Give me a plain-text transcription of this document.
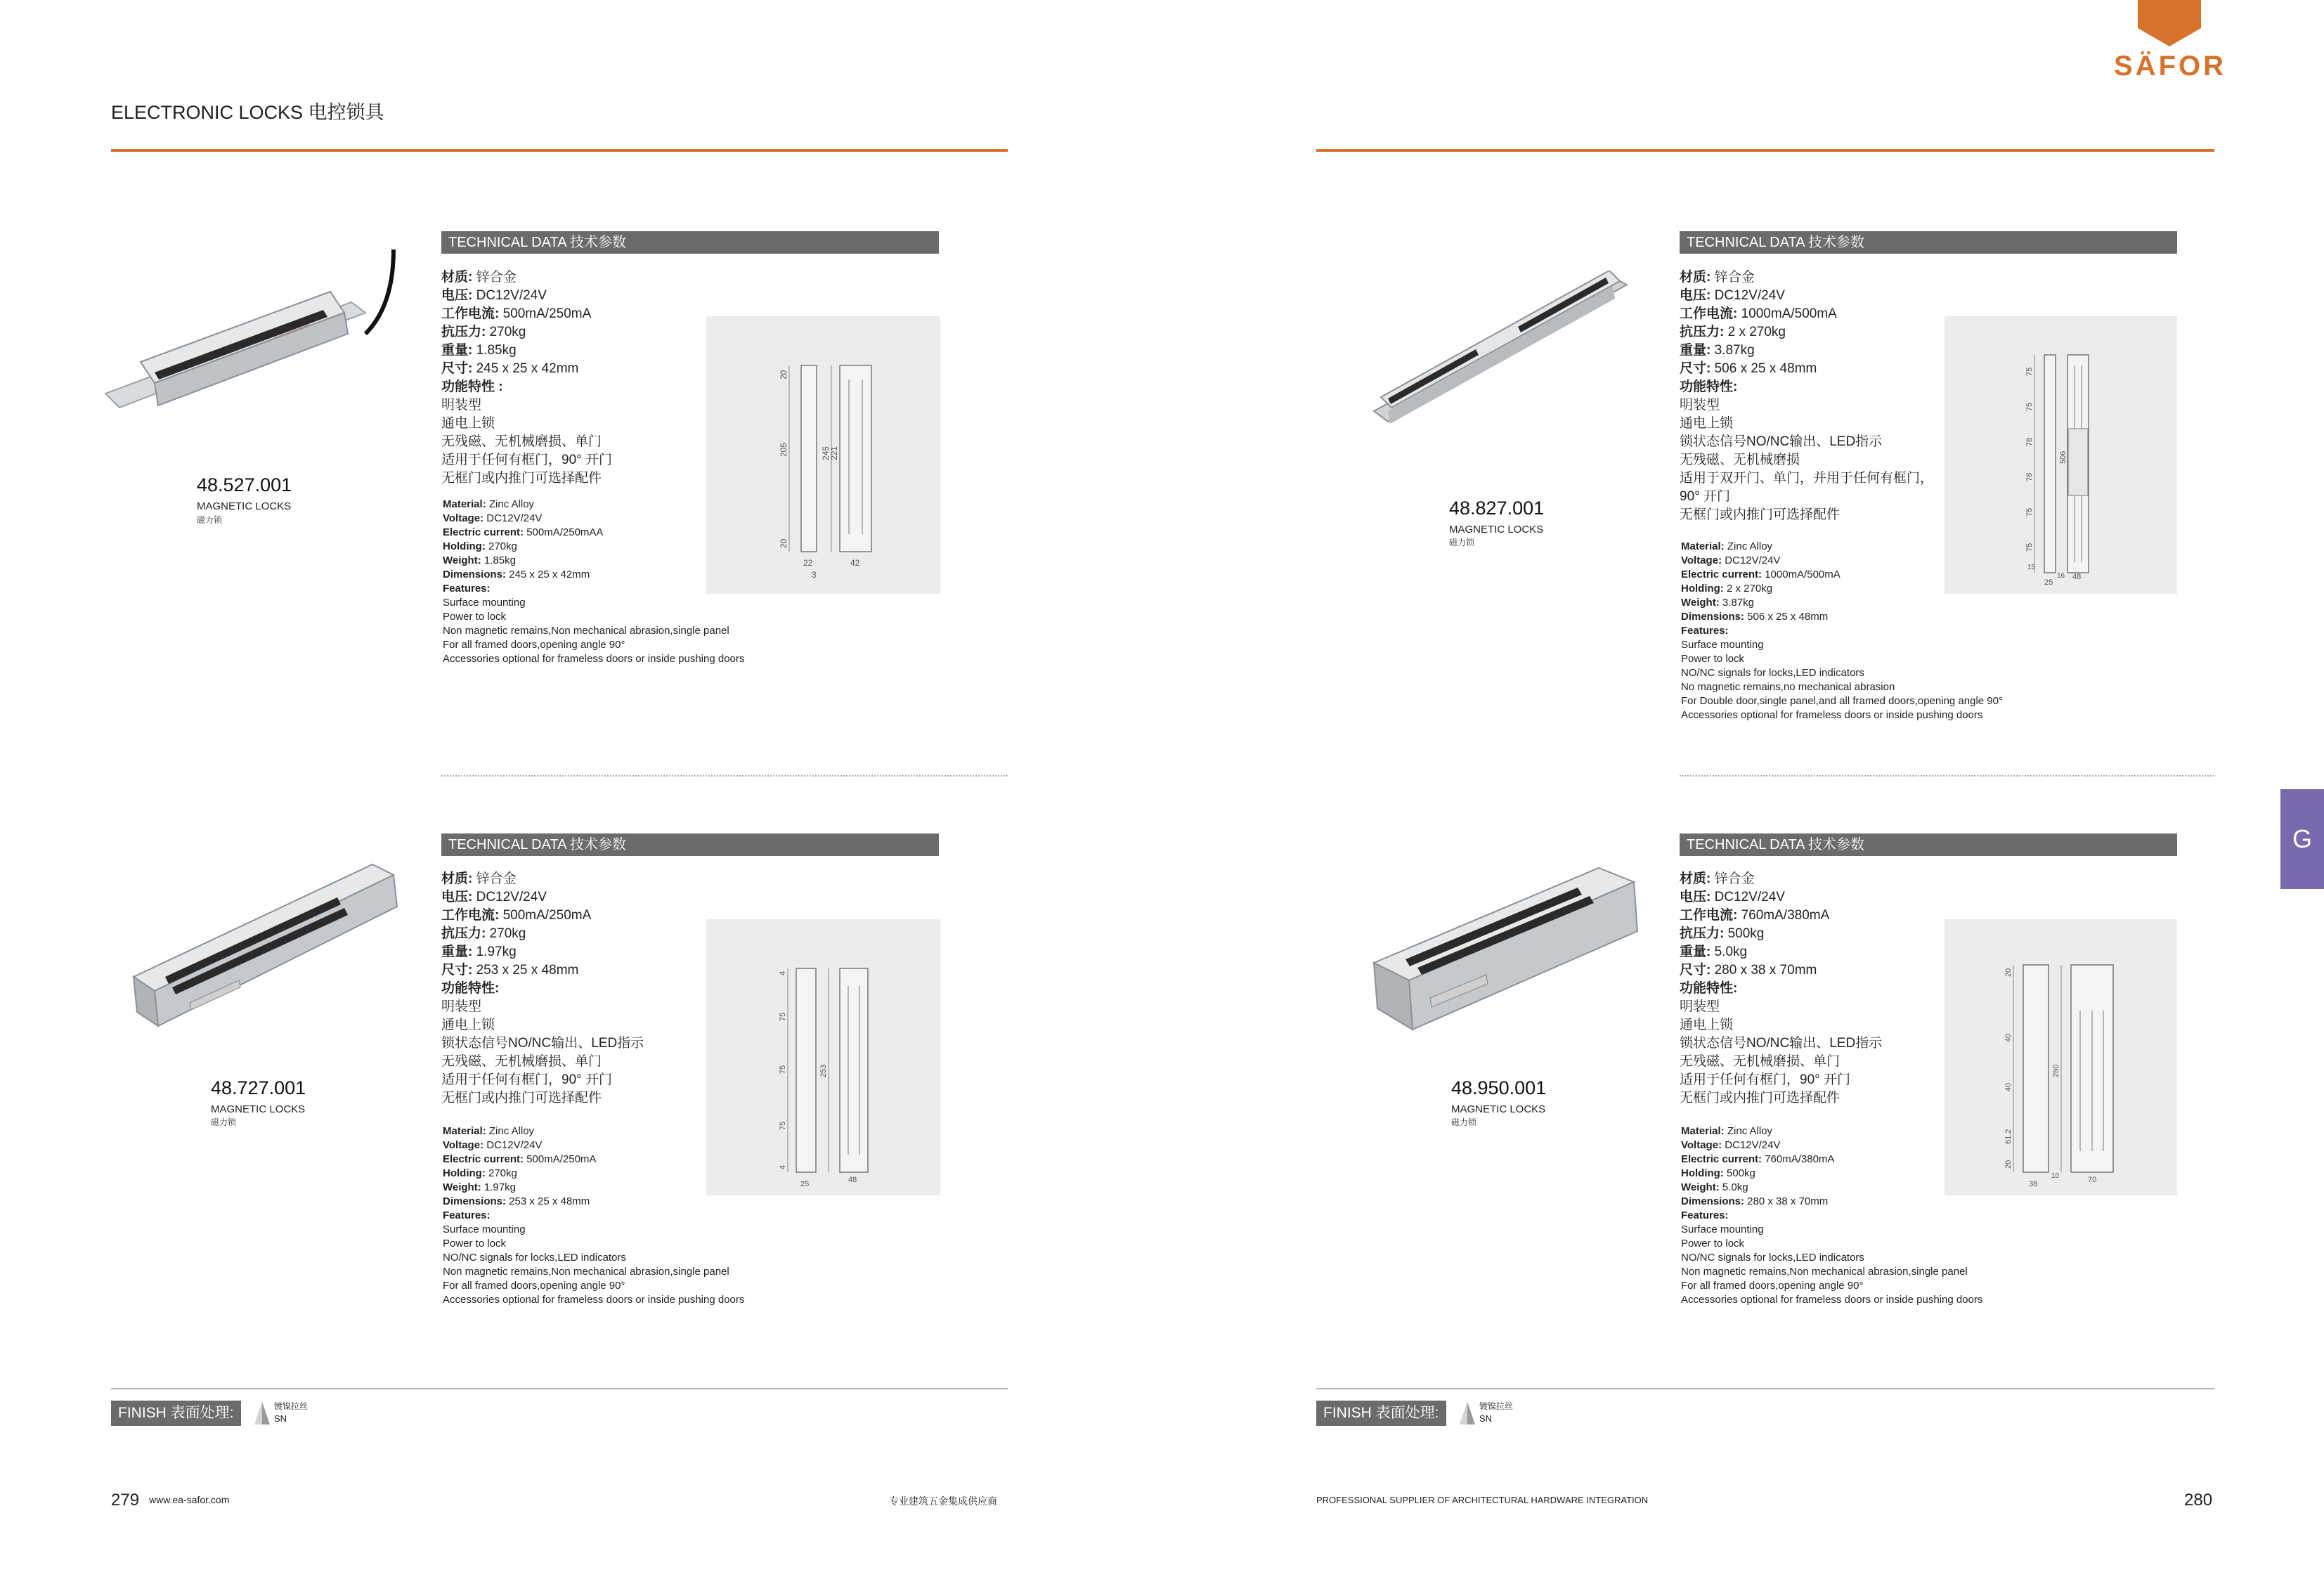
ELECTRONIC LOCKS 电控锁具
SÄFOR
G
48.527.001
MAGNETIC LOCKS
磁力锁
TECHNICAL DATA 技术参数
材质: 锌合金
电压: DC12V/24V
工作电流: 500mA/250mA
抗压力: 270kg
重量: 1.85kg
尺寸: 245 x 25 x 42mm
功能特性 :
明装型
通电上锁
无残磁、无机械磨损、单门
适用于任何有框门，90° 开门
无框门或内推门可选择配件
Material: Zinc Alloy
Voltage: DC12V/24V
Electric current: 500mA/250mAA
Holding: 270kg
Weight: 1.85kg
Dimensions: 245 x 25 x 42mm
Features:
Surface mounting
Power to lock
Non magnetic remains,Non mechanical abrasion,single panel
For all framed doors,opening angle 90°
Accessories optional for frameless doors or inside pushing doors
20
205
20
245
221
22
3
42
48.827.001
MAGNETIC LOCKS
磁力锁
TECHNICAL DATA 技术参数
材质: 锌合金
电压: DC12V/24V
工作电流: 1000mA/500mA
抗压力: 2 x 270kg
重量: 3.87kg
尺寸: 506 x 25 x 48mm
功能特性:
明装型
通电上锁
锁状态信号NO/NC输出、LED指示
无残磁、无机械磨损
适用于双开门、单门，并用于任何有框门，
90° 开门
无框门或内推门可选择配件
Material: Zinc Alloy
Voltage: DC12V/24V
Electric current: 1000mA/500mA
Holding: 2 x 270kg
Weight: 3.87kg
Dimensions: 506 x 25 x 48mm
Features:
Surface mounting
Power to lock
NO/NC signals for locks,LED indicators
No magnetic remains,no mechanical abrasion
For Double door,single panel,and all framed doors,opening angle 90°
Accessories optional for frameless doors or inside pushing doors
75
75
78
78
75
75
506
25
48
16
15
48.727.001
MAGNETIC LOCKS
磁力锁
TECHNICAL DATA 技术参数
材质: 锌合金
电压: DC12V/24V
工作电流: 500mA/250mA
抗压力: 270kg
重量: 1.97kg
尺寸: 253 x 25 x 48mm
功能特性:
明装型
通电上锁
锁状态信号NO/NC输出、LED指示
无残磁、无机械磨损、单门
适用于任何有框门，90° 开门
无框门或内推门可选择配件
Material: Zinc Alloy
Voltage: DC12V/24V
Electric current: 500mA/250mA
Holding: 270kg
Weight: 1.97kg
Dimensions: 253 x 25 x 48mm
Features:
Surface mounting
Power to lock
NO/NC signals for locks,LED indicators
Non magnetic remains,Non mechanical abrasion,single panel
For all framed doors,opening angle 90°
Accessories optional for frameless doors or inside pushing doors
4
75
75
75
4
253
25	48
48.950.001
MAGNETIC LOCKS
磁力锁
TECHNICAL DATA 技术参数
材质: 锌合金
电压: DC12V/24V
工作电流: 760mA/380mA
抗压力: 500kg
重量: 5.0kg
尺寸: 280 x 38 x 70mm
功能特性:
明装型
通电上锁
锁状态信号NO/NC输出、LED指示
无残磁、无机械磨损、单门
适用于任何有框门，90° 开门
无框门或内推门可选择配件
Material: Zinc Alloy
Voltage: DC12V/24V
Electric current: 760mA/380mA
Holding: 500kg
Weight: 5.0kg
Dimensions: 280 x 38 x 70mm
Features:
Surface mounting
Power to lock
NO/NC signals for locks,LED indicators
Non magnetic remains,Non mechanical abrasion,single panel
For all framed doors,opening angle 90°
Accessories optional for frameless doors or inside pushing doors
20
40
40
61.2
20
280
38
10	70
FINISH 表面处理:	镀镍拉丝
SN	FINISH 表面处理:	镀镍拉丝
SN
279 www.ea-safor.com	专业建筑五金集成供应商	PROFESSIONAL SUPPLIER OF ARCHITECTURAL HARDWARE INTEGRATION	280
